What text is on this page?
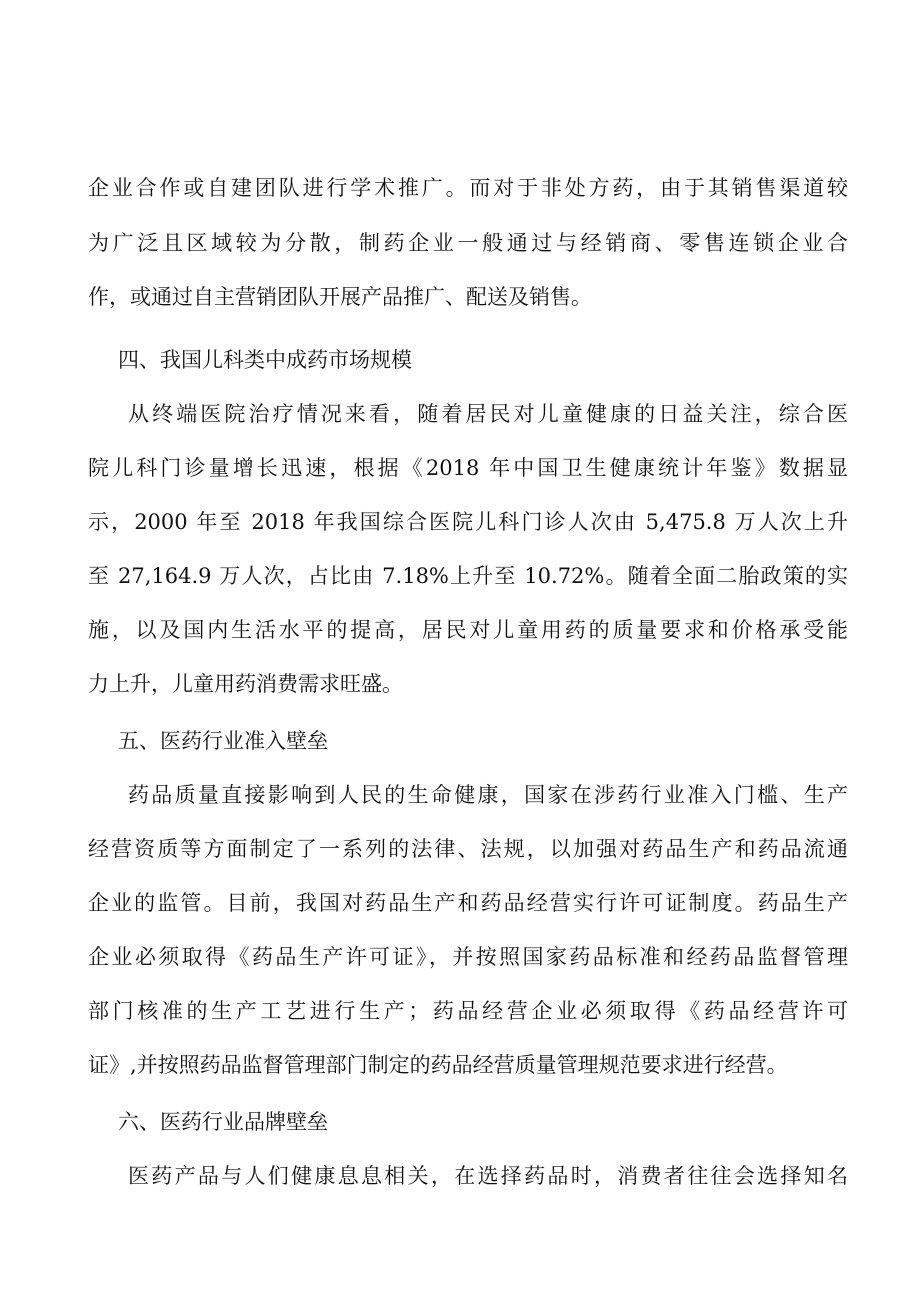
企业合作或自建团队进行学术推广。而对于非处方药，由于其销售渠道较
为广泛且区域较为分散，制药企业一般通过与经销商、零售连锁企业合
作，或通过自主营销团队开展产品推广、配送及销售。
四、我国儿科类中成药市场规模
从终端医院治疗情况来看，随着居民对儿童健康的日益关注，综合医
院儿科门诊量增长迅速，根据《2018 年中国卫生健康统计年鉴》数据显
示，2000 年至 2018 年我国综合医院儿科门诊人次由 5,475.8 万人次上升
至 27,164.9 万人次，占比由 7.18%上升至 10.72%。随着全面二胎政策的实
施，以及国内生活水平的提高，居民对儿童用药的质量要求和价格承受能
力上升，儿童用药消费需求旺盛。
五、医药行业准入壁垒
药品质量直接影响到人民的生命健康，国家在涉药行业准入门槛、生产
经营资质等方面制定了一系列的法律、法规，以加强对药品生产和药品流通
企业的监管。目前，我国对药品生产和药品经营实行许可证制度。药品生产
企业必须取得《药品生产许可证》，并按照国家药品标准和经药品监督管理
部门核准的生产工艺进行生产；药品经营企业必须取得《药品经营许可
证》,并按照药品监督管理部门制定的药品经营质量管理规范要求进行经营。
六、医药行业品牌壁垒
医药产品与人们健康息息相关，在选择药品时，消费者往往会选择知名
